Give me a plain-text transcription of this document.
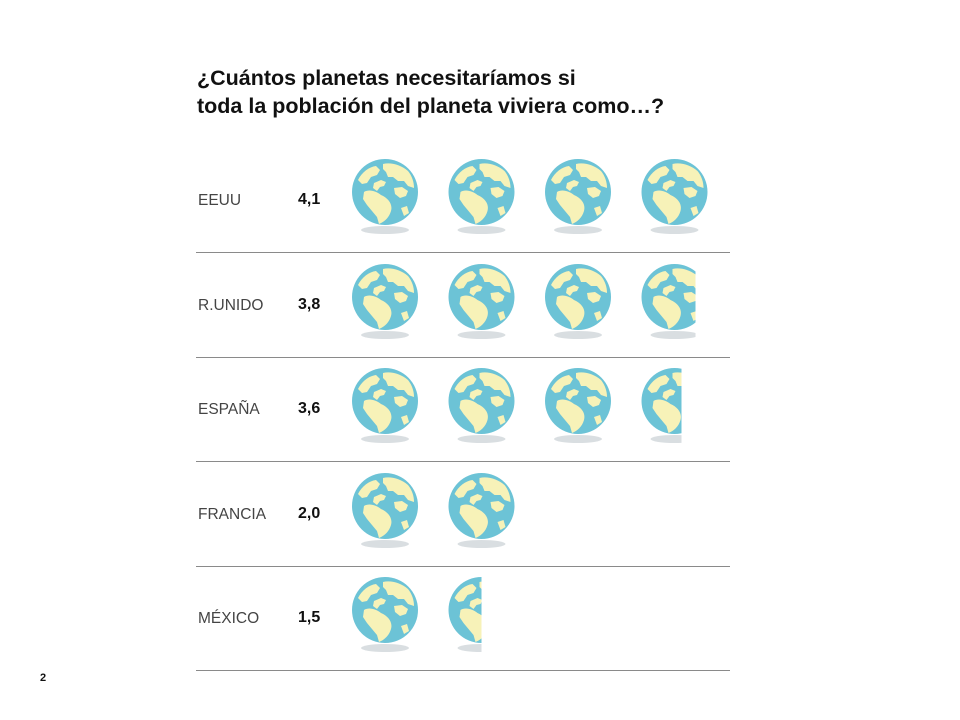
¿Cuántos planetas necesitaríamos si
toda la población del planeta viviera como…?
EEUU	4,1
R.UNIDO 3,8
ESPAÑA 3,6
FRANCIA 2,0
MÉXICO 1,5
2
